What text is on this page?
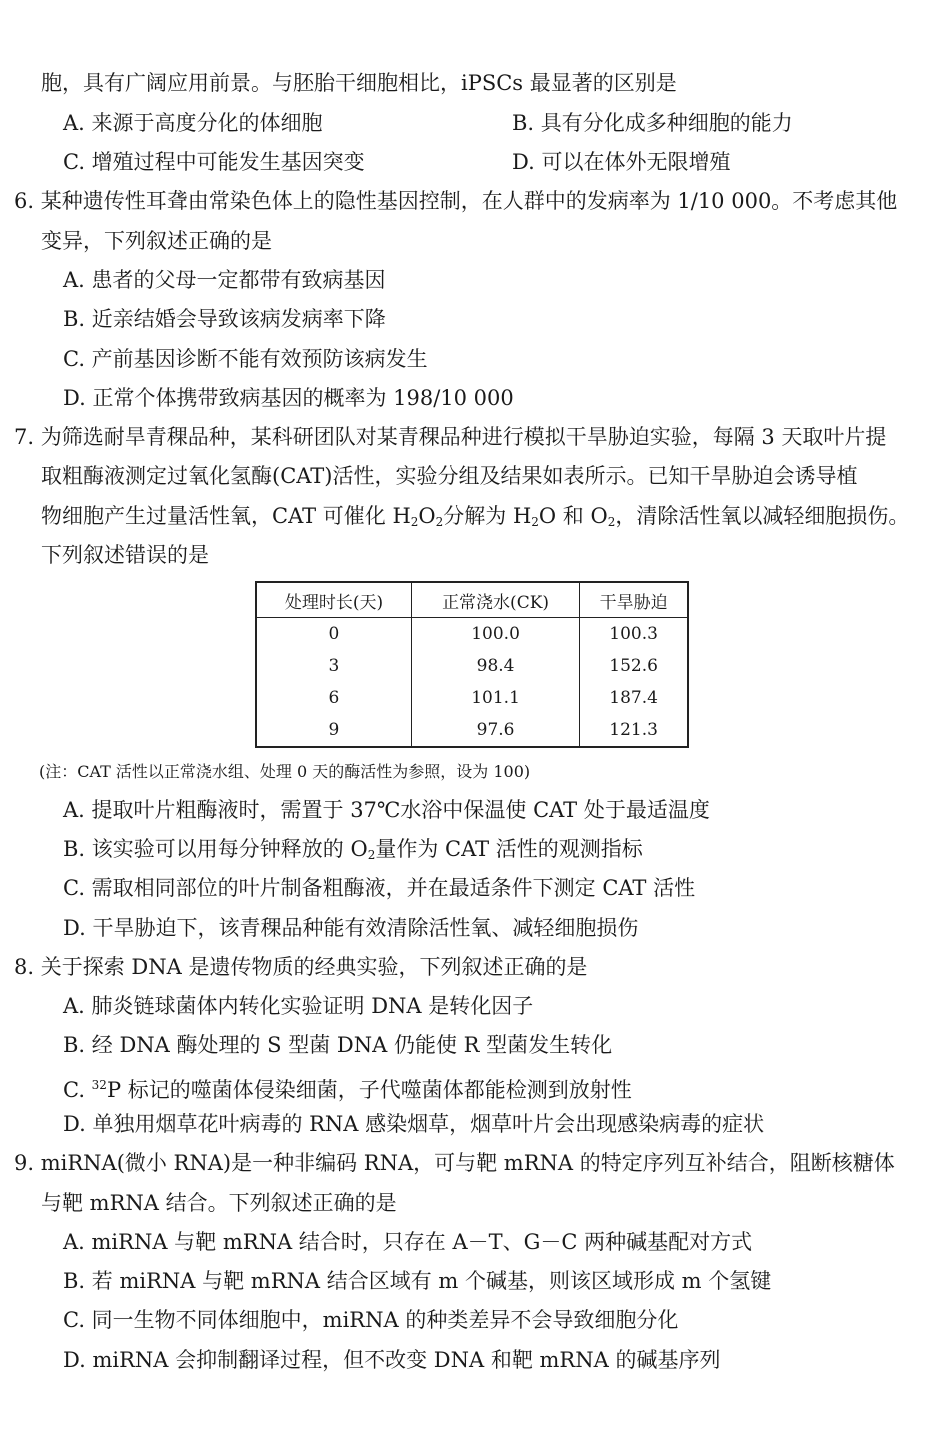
胞，具有广阔应用前景。与胚胎干细胞相比，iPSCs 最显著的区别是
A. 来源于高度分化的体细胞	B. 具有分化成多种细胞的能力
C. 增殖过程中可能发生基因突变	D. 可以在体外无限增殖
6. 某种遗传性耳聋由常染色体上的隐性基因控制，在人群中的发病率为 1/10 000。不考虑其他
变异，下列叙述正确的是
A. 患者的父母一定都带有致病基因
B. 近亲结婚会导致该病发病率下降
C. 产前基因诊断不能有效预防该病发生
D. 正常个体携带致病基因的概率为 198/10 000
7. 为筛选耐旱青稞品种，某科研团队对某青稞品种进行模拟干旱胁迫实验，每隔 3 天取叶片提
取粗酶液测定过氧化氢酶(CAT)活性，实验分组及结果如表所示。已知干旱胁迫会诱导植
物细胞产生过量活性氧，CAT 可催化 $H_2O_2$分解为 $H_2O$ 和 $O_2$，清除活性氧以减轻细胞损伤。
下列叙述错误的是
处理时长(天)	正常浇水(CK)	干旱胁迫
0	100.0	100.3
3	98.4	152.6
6	101.1	187.4
9	97.6	121.3
(注：CAT 活性以正常浇水组、处理 0 天的酶活性为参照，设为 100)
A. 提取叶片粗酶液时，需置于 37℃水浴中保温使 CAT 处于最适温度
B. 该实验可以用每分钟释放的 $O_2$量作为 CAT 活性的观测指标
C. 需取相同部位的叶片制备粗酶液，并在最适条件下测定 CAT 活性
D. 干旱胁迫下，该青稞品种能有效清除活性氧、减轻细胞损伤
8. 关于探索 DNA 是遗传物质的经典实验，下列叙述正确的是
A. 肺炎链球菌体内转化实验证明 DNA 是转化因子
B. 经 DNA 酶处理的 S 型菌 DNA 仍能使 R 型菌发生转化
C. $^{32}$P 标记的噬菌体侵染细菌，子代噬菌体都能检测到放射性
D. 单独用烟草花叶病毒的 RNA 感染烟草，烟草叶片会出现感染病毒的症状
9. miRNA(微小 RNA)是一种非编码 RNA，可与靶 mRNA 的特定序列互补结合，阻断核糖体
与靶 mRNA 结合。下列叙述正确的是
A. miRNA 与靶 mRNA 结合时，只存在 A－T、G－C 两种碱基配对方式
B. 若 miRNA 与靶 mRNA 结合区域有 m 个碱基，则该区域形成 m 个氢键
C. 同一生物不同体细胞中，miRNA 的种类差异不会导致细胞分化
D. miRNA 会抑制翻译过程，但不改变 DNA 和靶 mRNA 的碱基序列
